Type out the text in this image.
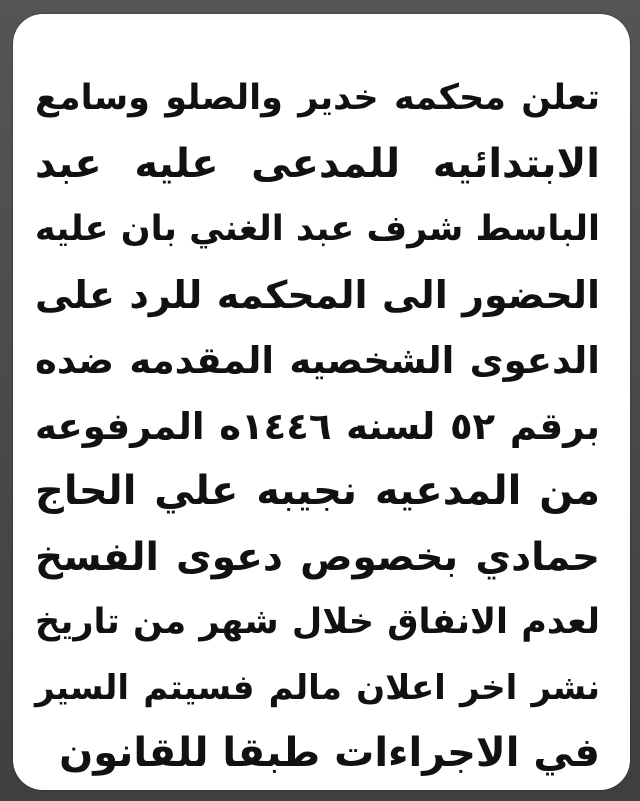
تعلن محكمه خدير والصلو وسامع
الابتدائيه للمدعى عليه عبد
الباسط شرف عبد الغني بان عليه
الحضور الى المحكمه للرد على
الدعوى الشخصيه المقدمه ضده
برقم ٥٢ لسنه ١٤٤٦ه المرفوعه
من المدعيه نجيبه علي الحاج
حمادي بخصوص دعوى الفسخ
لعدم الانفاق خلال شهر من تاريخ
نشر اخر اعلان مالم فسيتم السير
في الاجراءات طبقا للقانون
